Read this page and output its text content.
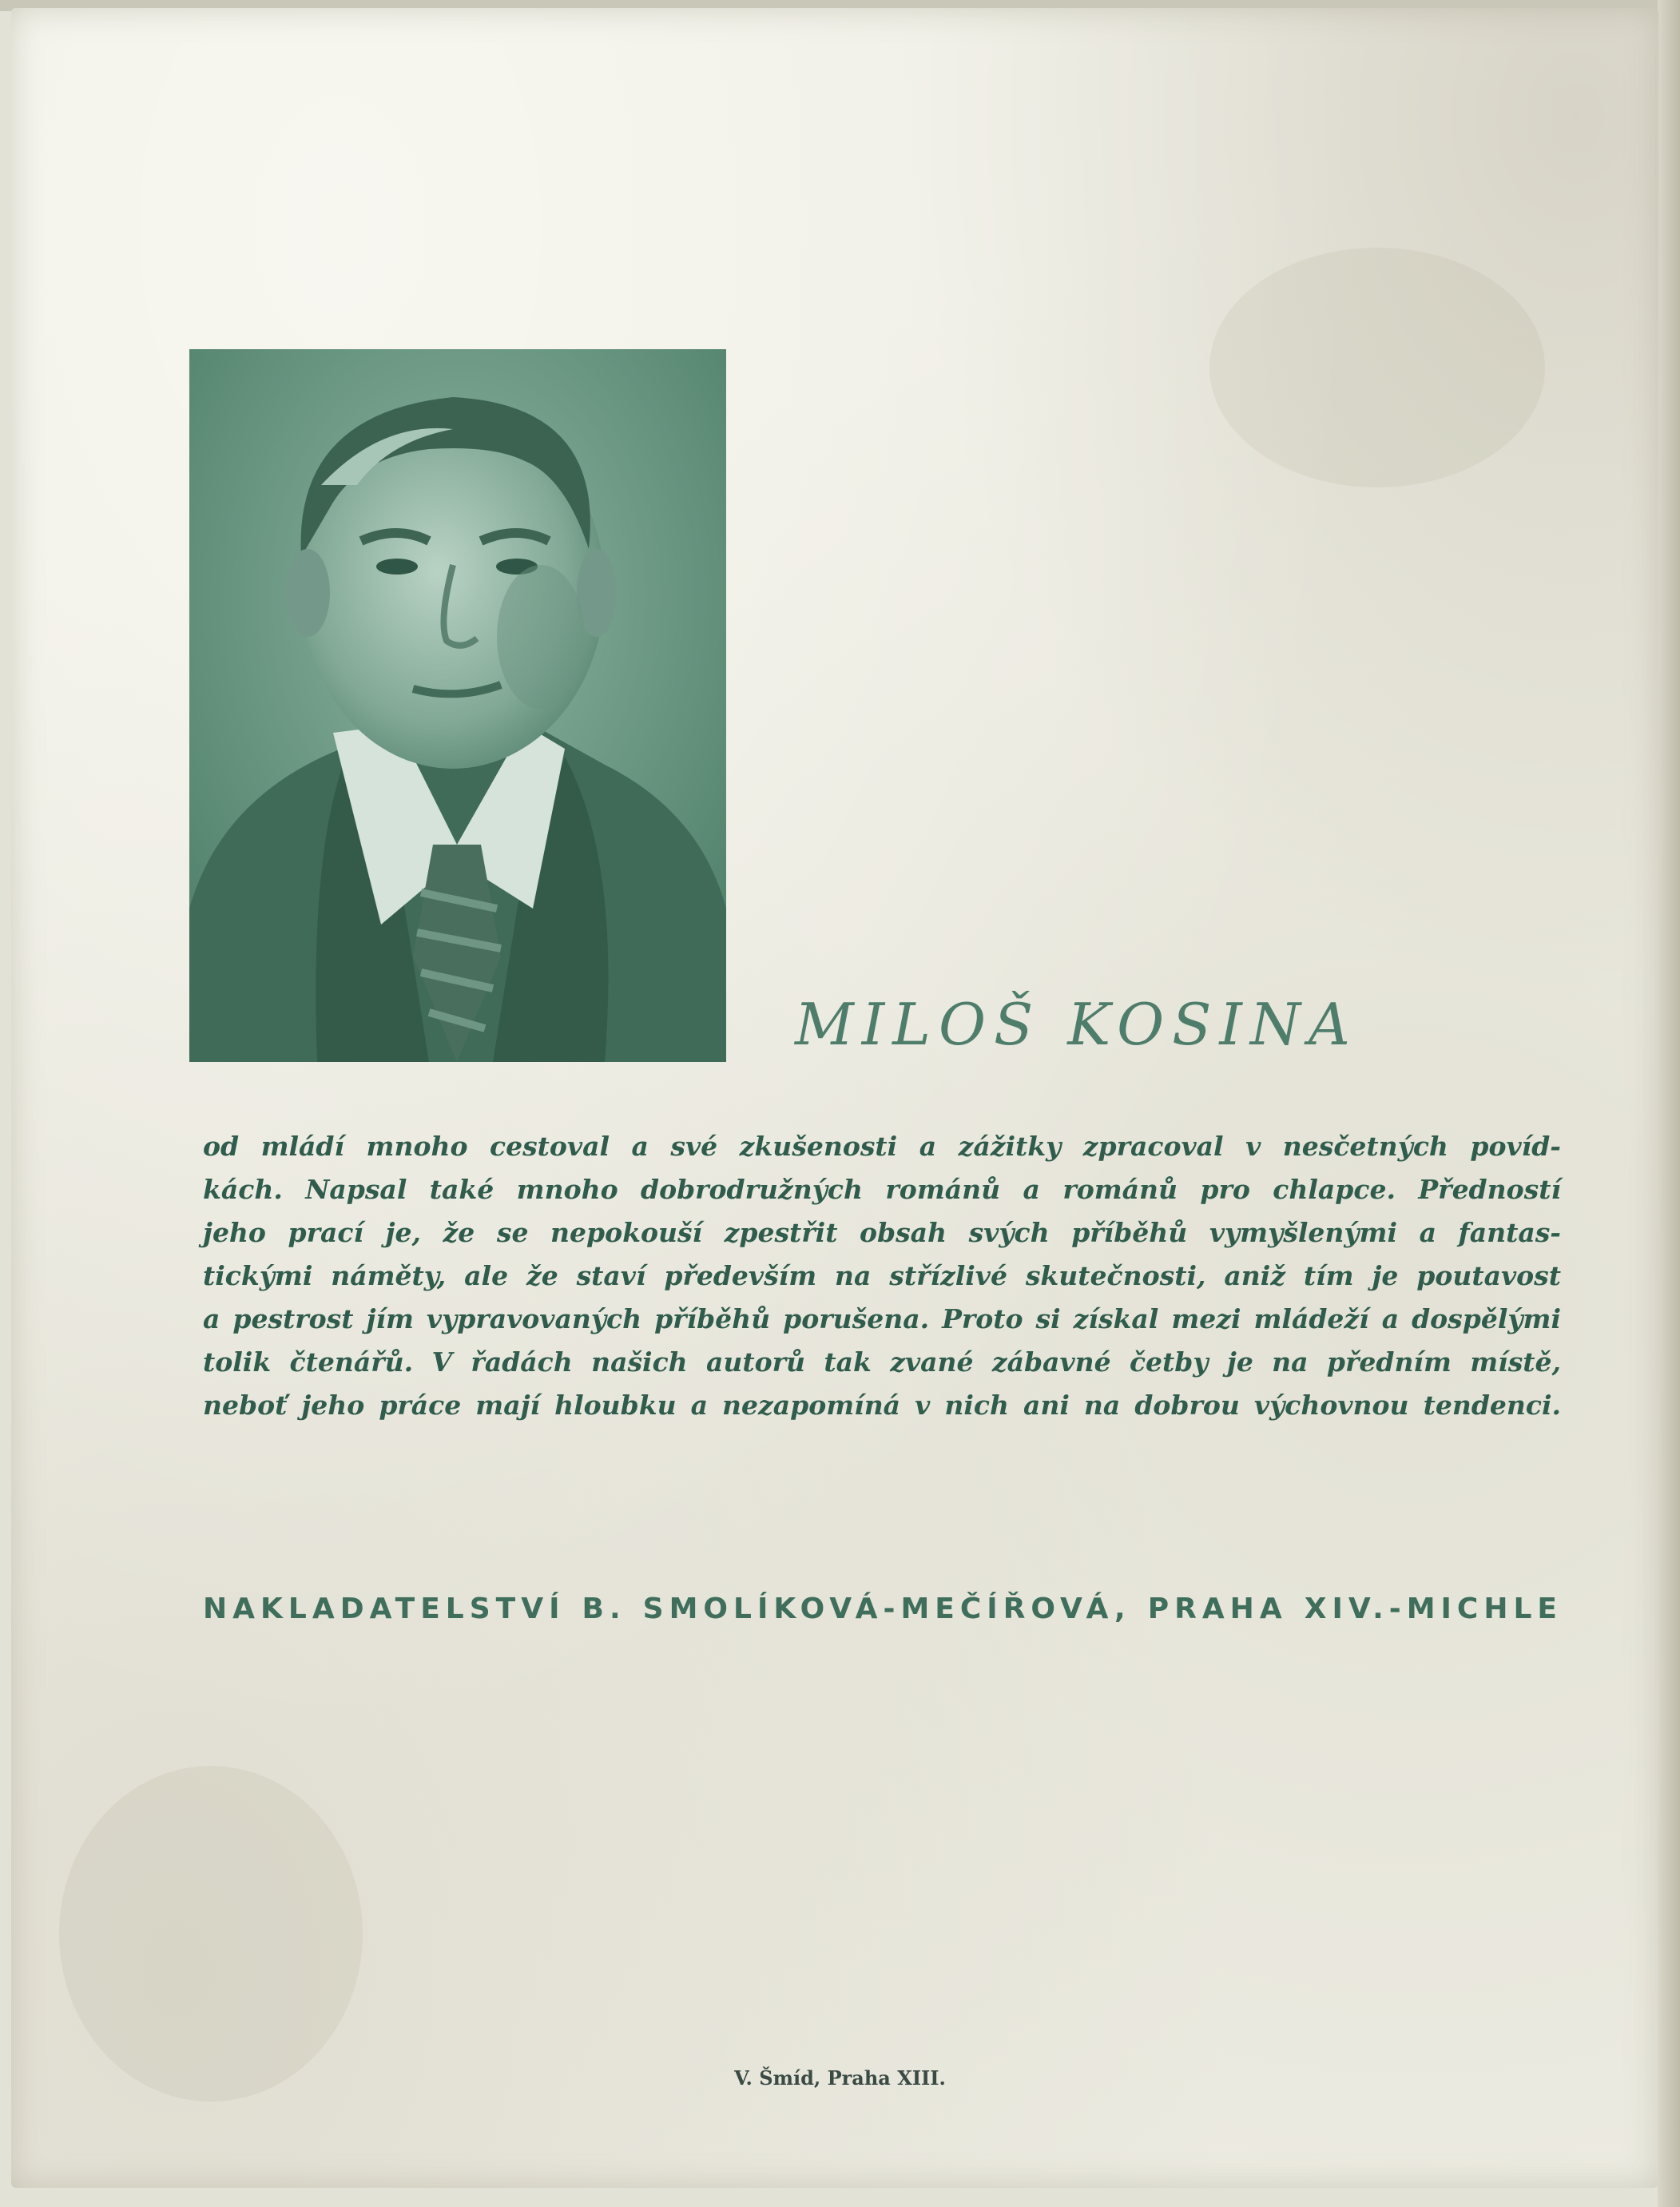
MILOŠ KOSINA
od mládí mnoho cestoval a své zkušenosti a zážitky zpracoval v nesčetných povíd-
kách. Napsal také mnoho dobrodružných románů a románů pro chlapce. Předností
jeho prací je, že se nepokouší zpestřit obsah svých příběhů vymyšlenými a fantas-
tickými náměty, ale že staví především na střízlivé skutečnosti, aniž tím je poutavost
a pestrost jím vypravovaných příběhů porušena. Proto si získal mezi mládeží a dospělými
tolik čtenářů. V řadách našich autorů tak zvané zábavné četby je na předním místě,
neboť jeho práce mají hloubku a nezapomíná v nich ani na dobrou výchovnou tendenci.
NAKLADATELSTVÍ B. SMOLÍKOVÁ-MEČÍŘOVÁ, PRAHA XIV.-MICHLE
V. Šmíd, Praha XIII.
